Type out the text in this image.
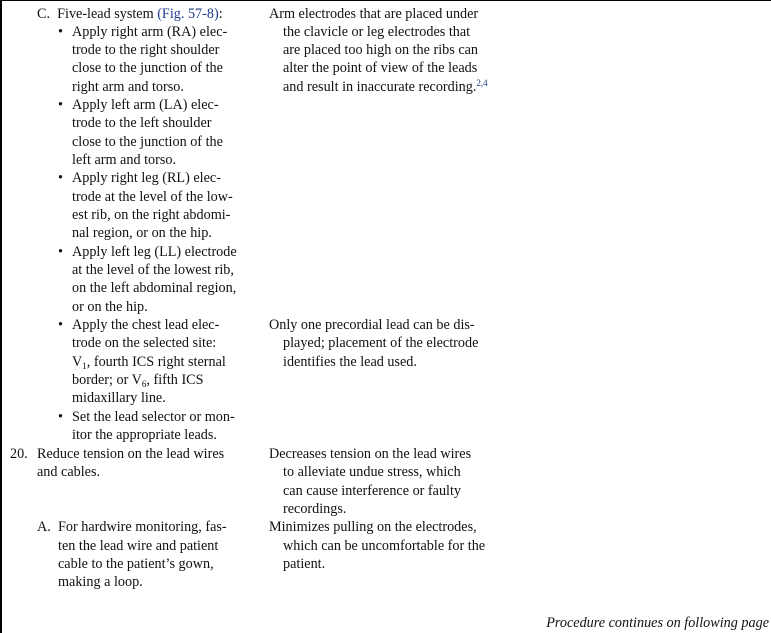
C. Five-lead system (Fig. 57-8):
• Apply right arm (RA) elec-
trode to the right shoulder
close to the junction of the
right arm and torso.
• Apply left arm (LA) elec-
trode to the left shoulder
close to the junction of the
left arm and torso.
• Apply right leg (RL) elec-
trode at the level of the low-
est rib, on the right abdomi-
nal region, or on the hip.
• Apply left leg (LL) electrode
at the level of the lowest rib,
on the left abdominal region,
or on the hip.
• Apply the chest lead elec-
trode on the selected site:
$V_1$, fourth ICS right sternal
border; or $V_6$, fifth ICS
midaxillary line.
• Set the lead selector or mon-
itor the appropriate leads.
Arm electrodes that are placed under
the clavicle or leg electrodes that
are placed too high on the ribs can
alter the point of view of the leads
and result in inaccurate recording.$^{2,4}$
Only one precordial lead can be dis-
played; placement of the electrode
identifies the lead used.
20. Reduce tension on the lead wires
and cables.
Decreases tension on the lead wires
to alleviate undue stress, which
can cause interference or faulty
recordings.
A. For hardwire monitoring, fas-
ten the lead wire and patient
cable to the patient’s gown,
making a loop.
Minimizes pulling on the electrodes,
which can be uncomfortable for the
patient.
Procedure continues on following page
